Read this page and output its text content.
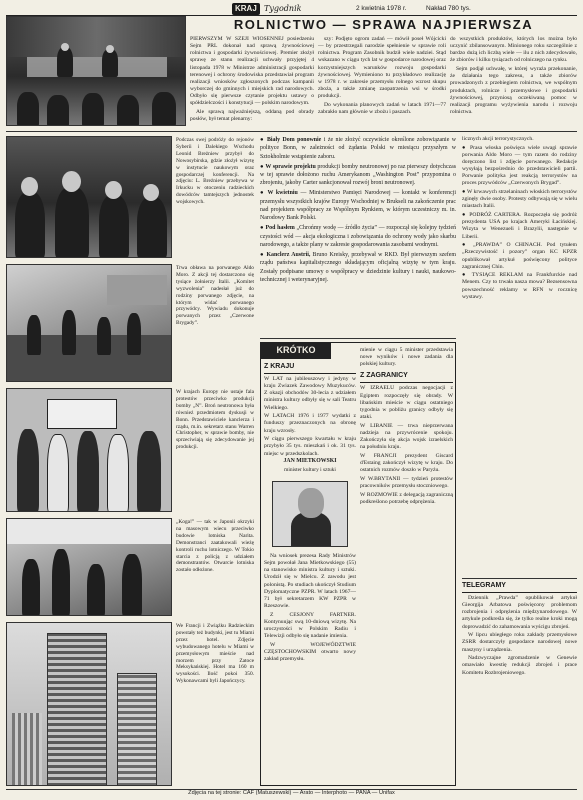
KRAJ Tygodnik	2 kwietnia 1978 r.	Nakład 780 tys.
ROLNICTWO — SPRAWA NAJPIERWSZA

PIERWSZYM W SZEJI WIOSENNEJ posiedzeniu Sejm PRL dokonał nad sprawą żywnościowej rolnictwa i gospodarki żywnościowej. Premier złożył sprawę ze stanu realizacji uchwały przyjętej 4 listopada 1978 w Ministrze administracji gospodarki terenowej i ochrony środowiska przedstawiał program realizacji wniosków zgłoszonych podczas kampanii wyborczej do gminnych i miejskich rad narodowych. Odbyło się pierwsze czytanie projektu ustawy o spółdzielczości i konstytucji — polskim narodowym.

Ale sprawą najważniejszą, oddaną pod obrady posłów, był temat plenarny:

szy: Podjęto ogrom zadań — mówił poseł Wójcicki — by przestrzegali narodzie spełnienie w sprawie roli rolnictwa. Program Zasobnik budził wiele nadziei. Stąd wskazano w ciągu tych lat w gospodarce narodowej oraz korzystniejszych warunków rozwoju gospodarki żywnościowej. Wymieniono tu przykładowo realizację w 1978 r. w zakresie przemysłu rolnego wzrost skupu zboża, a także zmianę zaopatrzenia wsi w środki produkcji.

Do wykonania planowych zadań w latach 1971—77 zabrakło nam głównie w zbożu i paszach.

do wszystkich produktów, których los można było uczynić zbilansowanym. Minionego roku szczególnie z bardzo dużą ich liczbą wiele — ilu z nich zdecydowało, że zbiorów i kilku tysiącach od rolniczego na rynku.

Sejm podjął uchwałę, w której wyraża przekonanie, że działania tego zakresu, a także zbiorów prowadzonych z przebiegiem rolnictwa, we wspólnym produktach, rolnicze i przemysłowe i gospodarki żywnościowej, przyniosą oczekiwaną pomoc w realizacji programu wyżywienia narodu i rozwoju rolnictwa.

Podczas swej podróży do rejonów Syberii i Dalekiego Wschodu Leonid Breżniew przybył do Nowosybirska, gdzie złożył wizytę w instytucie naukowym oraz gospodarczej konferencji. Na zdjęciu: L. Breżniew przebywa w Irkucku w otoczeniu radzieckich dowódców tamtejszych jednostek wojskowych.
Trwa obława na porwanego Aldo Moro. Z akcji tej dostarczono się tysiące żołnierzy Italii. „Komitet wyzwolenia” nadesłał już do rodziny porwanego zdjęcie, na którym widać porwanego przywódcy. Wywiadu dokonuje porwanych przez „Czerwone Brygady”.
W krajach Europy nie ustaje fala protestów przeciwko produkcji bomby „N”. Broń neutronowa była również przedmiotem dyskusji w Bonn. Przedstawiciele kanclerza i rządu, m.in. sekretarz stanu Warren Christopher, w sprawie bomby, nie sprzeciwiają się zdecydowanie jej produkcji.
„Koga!” — tak w Japonii okrzyki na masowym wiecu przeciwko budowie lotniska Narita. Demonstranci zaatakowali wieżę kontroli ruchu lotniczego. W Tokio starcia z policją z udziałem demonstrantów. Otwarcie lotniska zostało odłożone.
We Francji i Zwiążku Radzieckim powstały też budynki, jest tu Miami przez hotel. Zdjęcie wybudowanego hotelu w Miami w przemysłowym mieście nad morzem przy Zatoce Meksykańskiej. Hotel ma 160 m wysokości. Ilość pokoi 350. Wykonawcami byli Japończycy.
● Biały Dom ponownie i że nie złożyć oczywiście określone zobowiązanie w polityce Bonn, w zależności od żądania Polski w miesiącu przyszłym w Sztokholmie wstąpienie zaboru.
● W sprawie projektu produkcji bomby neutronowej po raz pierwszy dotychczas w tej sprawie dołożono ruchu Amerykanom „Washington Post” przypomina o zbrojeniu, jakoby Carter sankcjonował rozwój broni neutronowej.
● W kwietniu — Ministerstwo Pamięci Narodowej — kontakt w konferencji przemysłu wszystkich krajów Europy Wschodniej w Brukseli na zakończenie prac nad projektem współpracy ze Wspólnym Rynkiem, w którym uczestniczy m. in. Narodowy Bank Polski.
● Pod hasłem „Chrońmy wodę — źródło życia” — rozpoczął się kolejny tydzień czystości wód — akcja ekologiczna i zobowiązania do ochrony wody jako skarbu narodowego, a także plany w zakresie gospodarowania zasobami wodnymi.
● Kanclerz Austrii, Bruno Kreisky, przebywał w RKD. Był pierwszym szefem rządu państwa kapitalistycznego składającym oficjalną wizytę w tym kraju. Zostały podpisane umowy o współpracy w dziedzinie kultury i nauki, naukowo-technicznej i weterynaryjnej.
KRÓTKO
Z KRAJU

W LAT na jubileuszowy i jedyny w kraju Zwiazek Zawodowy Muzykuców. Z okazji obchodów 30-lecia z udziałem ministra kultury odbyły się w sali Teatru Wielkiego.

W LATACH 1976 i 1977 wydatki z funduszy przeznaczonych na obronę kraju wzrosły.

W ciągu pierwszego kwartału w kraju przybyło 35 tys. mieszkań i ok. 31 tys. miejsc w przedszkolach.

JAN MIETKOWSKI
minister kultury i sztuki

Na wniosek prezesa Rady Ministrów Sejm powołał Jana Mietkowskiego (55) na stanowisko ministra kultury i sztuki. Urodził się w Mielcu. Z zawodu jest polonistą. Po studiach ukończył Studium Dyplomatyczne PZPR. W latach 1967—71 był sekretarzem KW PZPR w Rzeszowie.

Z CESJONY FARTNER. Kontynuując swą 10-dniową wizytę. Na uroczystości w Polskim Radiu i Telewizji odbyło się nadanie imienia.

W WOJEWÓDZTWIE CZĘSTOCHOWSKIM otwarto nowy zakład przemysłu.

mienie w ciągu 5 minister przedstawia nowe wyników i nowe zadania dla polskiej kultury.

Z ZAGRANICY

W IZRAELU podczas negocjacji z Egiptem rozpoczęły się obrady. W libańskim mieście w ciągu ostatniego tygodnia w pobliżu granicy odbyły się ataki.

W LIBANIE — trwa nieprzerwana nadzieja na przywrócenie spokoju. Zakończyła się akcja wojsk izraelskich na południu kraju.

W FRANCJI prezydent Giscard d'Estaing zakończył wizytę w kraju. Do ostatnich rozmów doszło w Paryżu.

W W.BRYTANII — tydzień protestów pracowników przemysłu stoczniowego.

W ROZMOWIE z delegacją zagraniczną podkreślono potrzebę odprężenia.

licznych akcji terrorystycznych.

● Prasa włoska poświęca wiele uwagi sprawie porwania Aldo Moro — tym razem do rodziny doręczono list i zdjęcie porwanego. Redakcje wysyłają bezpośrednio do przedstawicieli partii. Porwanie polityka jest reakcją terrorystów na proces przywódców „Czerwonych Brygad”.
● W krwawych strzelaninach włoskich terrorystów zginęły dwie osoby. Protesty odbywają się w wielu miastach Italii.
● PODRÓŻ CARTERA. Rozpoczęła się podróż prezydenta USA po krajach Ameryki Łacińskiej. Wizyta w Wenezueli i Brazylii, następnie w Liberii.
● „PRAWDA” O CHINACH. Pod tytułem „Rzeczywistość i pozory” organ KC KPZR opublikował artykuł poświęcony polityce zagranicznej Chin.
● TYSIĄCE REKLAM na Frankfurckie nad Menem. Czy to trwała nasza mowa? Bezsensowna powszechność reklamy w RFN w rocznicę wystawy.
TELEGRAMY

Dziennik „Prawda” opublikował artykuł Gieorgija Arbatowa poświęcony problemom rozbrojenia i odprężenia międzynarodowego. W artykule podkreśla się, że tylko realne kroki mogą doprowadzić do zahamowania wyścigu zbrojeń.

W lipcu ubiegłego roku zakłady przemysłowe ZSRR dostarczyły gospodarce narodowej nowe maszyny i urządzenia.

Nadzwyczajne zgromadzenie w Genewie omawiało kwestię redukcji zbrojeń i prace Komitetu Rozbrojeniowego.

Zdjęcia na tej stronie: CAF (Matuszewski) — Arato — Interphoto — PANA — Unifax
